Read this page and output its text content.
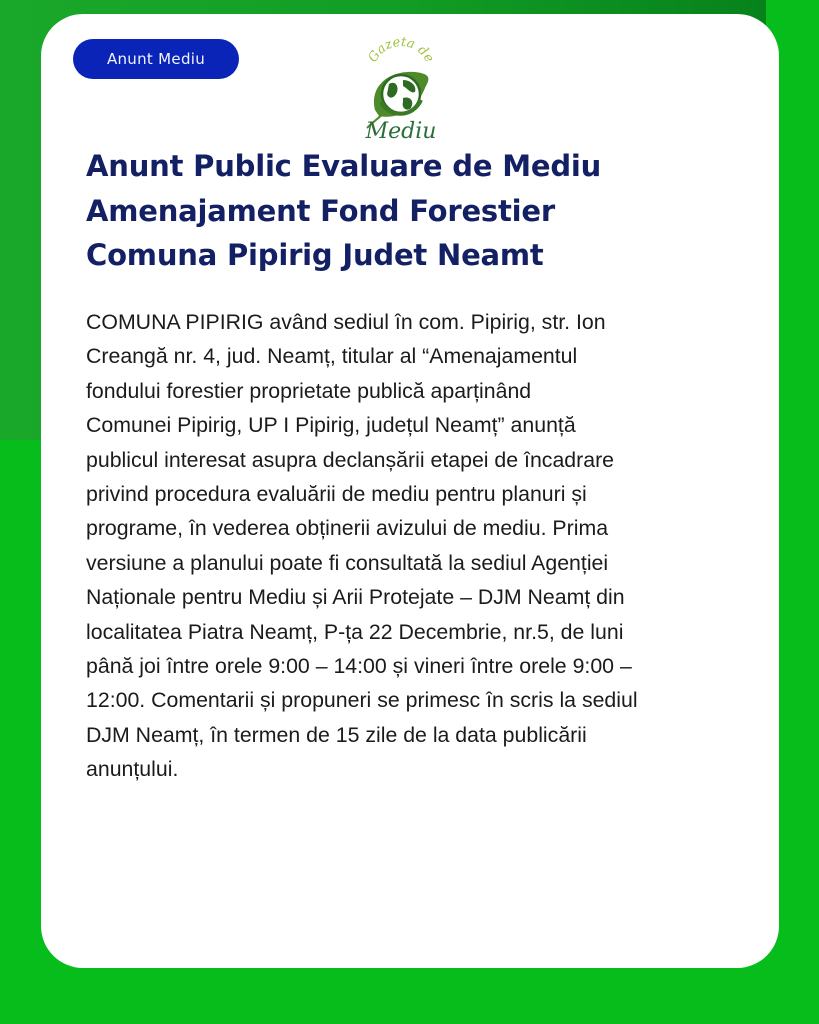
Anunt Mediu	Gazeta de
Mediu
Anunt Public Evaluare de Mediu
Amenajament Fond Forestier
Comuna Pipirig Judet Neamt
COMUNA PIPIRIG având sediul în com. Pipirig, str. Ion
Creangă nr. 4, jud. Neamț, titular al “Amenajamentul
fondului forestier proprietate publică aparținând
Comunei Pipirig, UP I Pipirig, județul Neamț” anunță
publicul interesat asupra declanșării etapei de încadrare
privind procedura evaluării de mediu pentru planuri și
programe, în vederea obținerii avizului de mediu. Prima
versiune a planului poate fi consultată la sediul Agenției
Naționale pentru Mediu și Arii Protejate – DJM Neamț din
localitatea Piatra Neamț, P-ța 22 Decembrie, nr.5, de luni
până joi între orele 9:00 – 14:00 și vineri între orele 9:00 –
12:00. Comentarii și propuneri se primesc în scris la sediul
DJM Neamț, în termen de 15 zile de la data publicării
anunțului.
